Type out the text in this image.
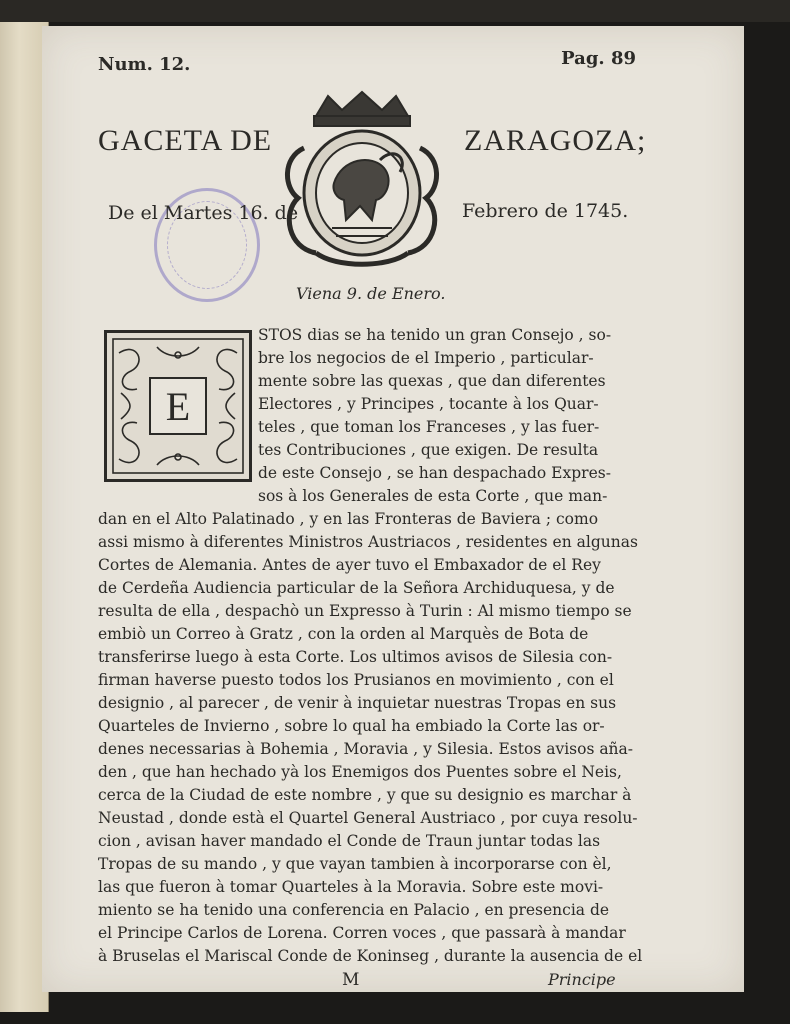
Num. 12.	Pag. 89
GACETA DE	ZARAGOZA;
De el Martes 16. de	Febrero de 1745.
Viena 9. de Enero.
E
STOS dias se ha tenido un gran Consejo , so-
bre los negocios de el Imperio , particular-
mente sobre las quexas , que dan diferentes
Electores , y Principes , tocante à los Quar-
teles , que toman los Franceses , y las fuer-
tes Contribuciones , que exigen. De resulta
de este Consejo , se han despachado Expres-
sos à los Generales de esta Corte , que man-
dan en el Alto Palatinado , y en las Fronteras de Baviera ; como
assi mismo à diferentes Ministros Austriacos , residentes en algunas
Cortes de Alemania. Antes de ayer tuvo el Embaxador de el Rey
de Cerdeña Audiencia particular de la Señora Archiduquesa, y de
resulta de ella , despachò un Expresso à Turin : Al mismo tiempo se
embiò un Correo à Gratz , con la orden al Marquès de Bota de
transferirse luego à esta Corte. Los ultimos avisos de Silesia con-
firman haverse puesto todos los Prusianos en movimiento , con el
designio , al parecer , de venir à inquietar nuestras Tropas en sus
Quarteles de Invierno , sobre lo qual ha embiado la Corte las or-
denes necessarias à Bohemia , Moravia , y Silesia. Estos avisos aña-
den , que han hechado yà los Enemigos dos Puentes sobre el Neis,
cerca de la Ciudad de este nombre , y que su designio es marchar à
Neustad , donde està el Quartel General Austriaco , por cuya resolu-
cion , avisan haver mandado el Conde de Traun juntar todas las
Tropas de su mando , y que vayan tambien à incorporarse con èl,
las que fueron à tomar Quarteles à la Moravia. Sobre este movi-
miento se ha tenido una conferencia en Palacio , en presencia de
el Principe Carlos de Lorena. Corren voces , que passarà à mandar
à Bruselas el Mariscal Conde de Koninseg , durante la ausencia de el
M	Principe
